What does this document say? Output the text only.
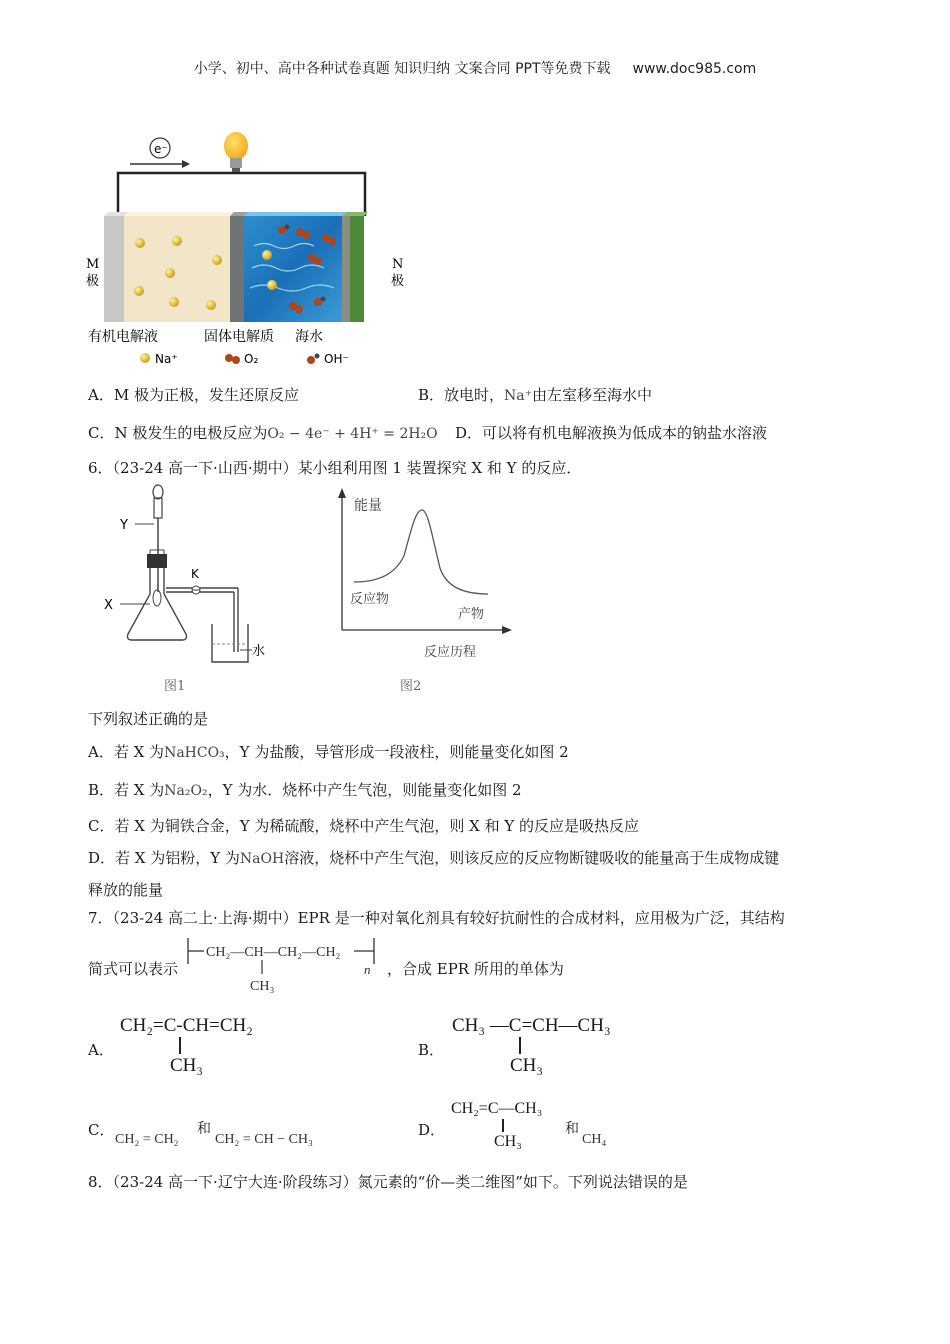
小学、初中、高中各种试卷真题 知识归纳 文案合同 PPT等免费下载 www.doc985.com
e⁻
M
极
N
极
有机电解液	固体电解质 海水
Na⁺	O₂	OH⁻
A．M 极为正极，发生还原反应	B．放电时，Na⁺由左室移至海水中
C．N 极发生的电极反应为O₂ − 4e⁻ + 4H⁺ = 2H₂O D．可以将有机电解液换为低成本的钠盐水溶液
6．（23-24 高一下·山西·期中）某小组利用图 1 装置探究 X 和 Y 的反应．
Y
X
K
水
图1
能量
反应物
产物
反应历程
图2
下列叙述正确的是
A．若 X 为NaHCO₃，Y 为盐酸，导管形成一段液柱，则能量变化如图 2
B．若 X 为Na₂O₂，Y 为水．烧杯中产生气泡，则能量变化如图 2
C．若 X 为铜铁合金，Y 为稀硫酸，烧杯中产生气泡，则 X 和 Y 的反应是吸热反应
D．若 X 为铝粉，Y 为NaOH溶液，烧杯中产生气泡，则该反应的反应物断键吸收的能量高于生成物成键
释放的能量
7．（23-24 高二上·上海·期中）EPR 是一种对氧化剂具有较好抗耐性的合成材料，应用极为广泛，其结构
简式可以表示
CH₂—CH—CH₂—CH₂
n
CH₃
，合成 EPR 所用的单体为
A．
CH₂=C-CH=CH₂
CH₃
B．
CH₃ —C=CH—CH₃
CH₃
C．
CH₂ = CH₂
和
CH₂ = CH − CH₃
D．
CH₂=C—CH₃
CH₃
和
CH₄
8．（23-24 高一下·辽宁大连·阶段练习）氮元素的“价—类二维图”如下。下列说法错误的是
